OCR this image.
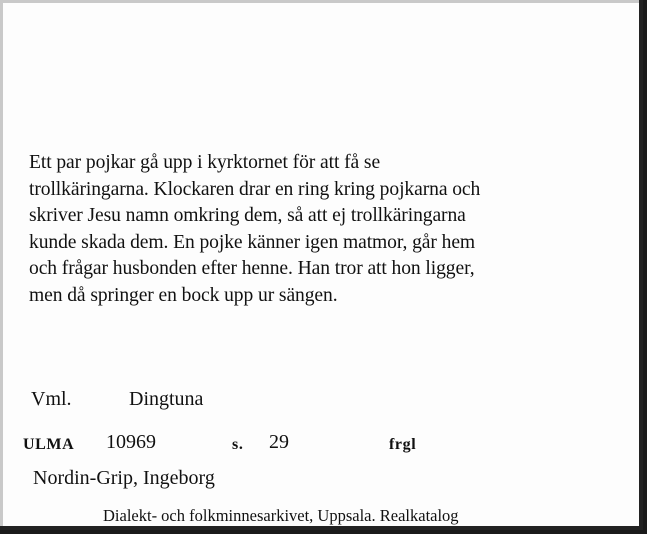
Ett par pojkar gå upp i kyrktornet för att få se
trollkäringarna. Klockaren drar en ring kring pojkarna och
skriver Jesu namn omkring dem, så att ej trollkäringarna
kunde skada dem. En pojke känner igen matmor, går hem
och frågar husbonden efter henne. Han tror att hon ligger,
men då springer en bock upp ur sängen.
Vml.	Dingtuna
ULMA 10969	s. 29	frgl
Nordin-Grip, Ingeborg
Dialekt- och folkminnesarkivet, Uppsala. Realkatalog
